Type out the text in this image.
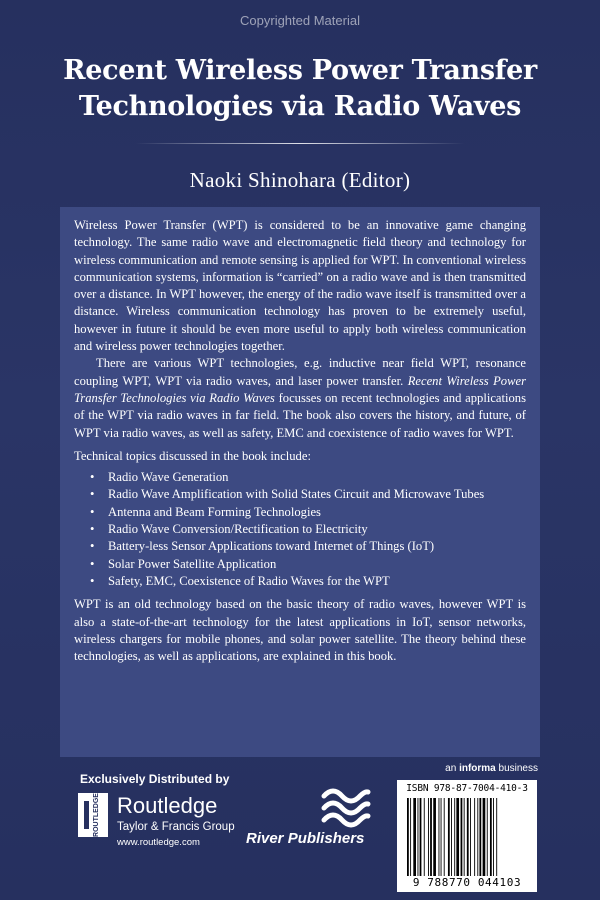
Copyrighted Material
Recent Wireless Power Transfer
Technologies via Radio Waves
Naoki Shinohara (Editor)

Wireless Power Transfer (WPT) is considered to be an innovative game changing technology. The same radio wave and electromagnetic field theory and technology for wireless communication and remote sensing is applied for WPT. In conventional wireless communication systems, information is “carried” on a radio wave and is then transmitted over a distance. In WPT however, the energy of the radio wave itself is transmitted over a distance. Wireless communication technology has proven to be extremely useful, however in future it should be even more useful to apply both wireless communication and wireless power technologies together.

There are various WPT technologies, e.g. inductive near field WPT, resonance coupling WPT, WPT via radio waves, and laser power transfer. Recent Wireless Power Transfer Technologies via Radio Waves focusses on recent technologies and applications of the WPT via radio waves in far field. The book also covers the history, and future, of WPT via radio waves, as well as safety, EMC and coexistence of radio waves for WPT.

Technical topics discussed in the book include:

• Radio Wave Generation
• Radio Wave Amplification with Solid States Circuit and Microwave Tubes
• Antenna and Beam Forming Technologies
• Radio Wave Conversion/Rectification to Electricity
• Battery-less Sensor Applications toward Internet of Things (IoT)
• Solar Power Satellite Application
• Safety, EMC, Coexistence of Radio Waves for the WPT

WPT is an old technology based on the basic theory of radio waves, however WPT is also a state-of-the-art technology for the latest applications in IoT, sensor networks, wireless chargers for mobile phones, and solar power satellite. The theory behind these technologies, as well as applications, are explained in this book.

Exclusively Distributed by
ROUTLEDGE Routledge
Taylor & Francis Group
www.routledge.com	River Publishers
an informa business
ISBN 978-87-7004-410-3
9 788770 044103
